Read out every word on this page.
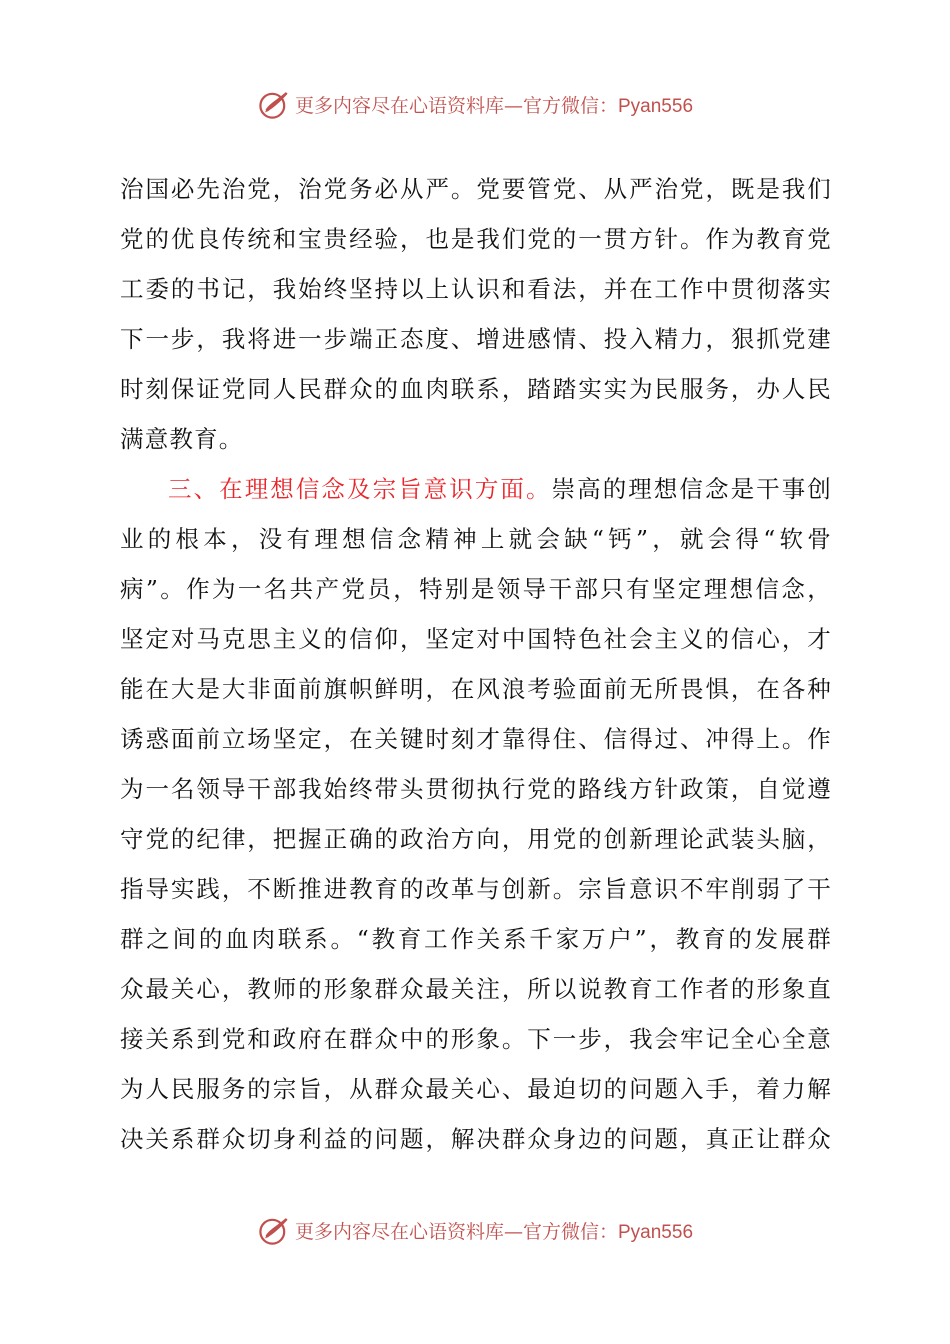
更多内容尽在心语资料库—官方微信：Pyan556

治国必先治党，治党务必从严。党要管党、从严治党，既是我们
党的优良传统和宝贵经验，也是我们党的一贯方针。作为教育党
工委的书记，我始终坚持以上认识和看法，并在工作中贯彻落实
下一步，我将进一步端正态度、增进感情、投入精力，狠抓党建
时刻保证党同人民群众的血肉联系，踏踏实实为民服务，办人民
满意教育。

三、在理想信念及宗旨意识方面。崇高的理想信念是干事创
业的根本，没有理想信念精神上就会缺“钙”，就会得“软骨
病”。作为一名共产党员，特别是领导干部只有坚定理想信念，
坚定对马克思主义的信仰，坚定对中国特色社会主义的信心，才
能在大是大非面前旗帜鲜明，在风浪考验面前无所畏惧，在各种
诱惑面前立场坚定，在关键时刻才靠得住、信得过、冲得上。作
为一名领导干部我始终带头贯彻执行党的路线方针政策，自觉遵
守党的纪律，把握正确的政治方向，用党的创新理论武装头脑，
指导实践，不断推进教育的改革与创新。宗旨意识不牢削弱了干
群之间的血肉联系。“教育工作关系千家万户”，教育的发展群
众最关心，教师的形象群众最关注，所以说教育工作者的形象直
接关系到党和政府在群众中的形象。下一步，我会牢记全心全意
为人民服务的宗旨，从群众最关心、最迫切的问题入手，着力解
决关系群众切身利益的问题，解决群众身边的问题，真正让群众

更多内容尽在心语资料库—官方微信：Pyan556
